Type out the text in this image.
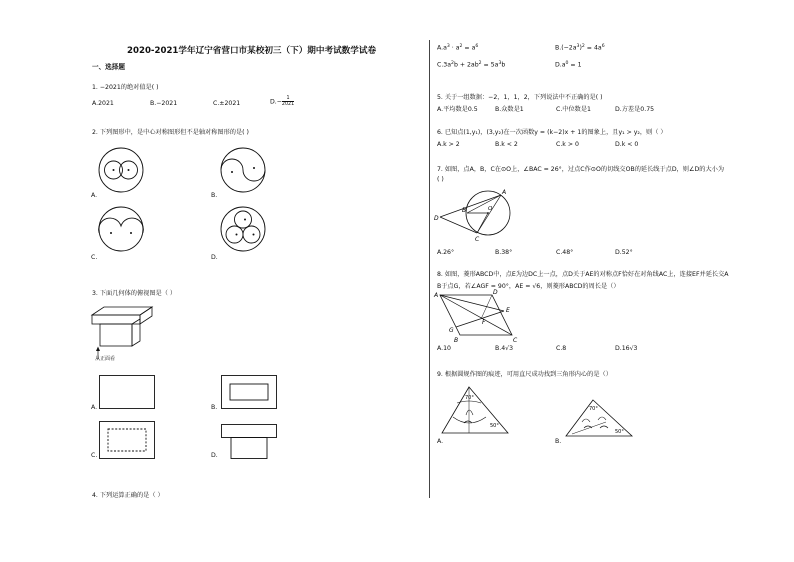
2020-2021学年辽宁省营口市某校初三（下）期中考试数学试卷
一、选择题
1. −2021的绝对值是( )
A.2021	B.−2021	C.±2021	$D.- \frac{1}{2021}$
2. 下列图形中，是中心对称图形但不是轴对称图形的是( )
A.	B.
C.	D.
3. 下面几何体的俯视图是（ ）
从正面看
A.	B.
C.	D.
4. 下列运算正确的是（ ）
$A.a^3 \cdot a^2 = a^6$	$B.(-2a^3)^2 = 4a^6$
$C.3a^2b + 2ab^2 = 5a^3b$	$D.a^0 = 1$
5. 关于一组数据：−2，1，1，2，下列说法中不正确的是( )
A.平均数是0.5	B.众数是1	C.中位数是1	D.方差是0.75
6. 已知点(1,y₁)，(3,y₂)在一次函数y = (k−2)x + 1的图象上，且y₁ > y₂，则（ ）
A.k > 2	B.k < 2	C.k > 0	D.k < 0
7. 如图，点A，B，C在⊙O上，∠BAC = 26°，过点C作⊙O的切线交OB的延长线于点D，则∠D的大小为
( )
A
B
C
D
O
A.26°	B.38°	C.48°	D.52°
8. 如图，菱形ABCD中，点E为边DC上一点，点D关于AE的对称点F恰好在对角线AC上，连接EF并延长交A
B于点G，若∠AGF = 90°，AE = √6，则菱形ABCD的周长是（）
A
B	C
D
E
F
G
A.10	B.4√3	C.8	D.16√3
9. 根据圆规作图的痕迹，可用直尺成功找到三角形内心的是（）
70°
50°
A.
70°
50°
B.
